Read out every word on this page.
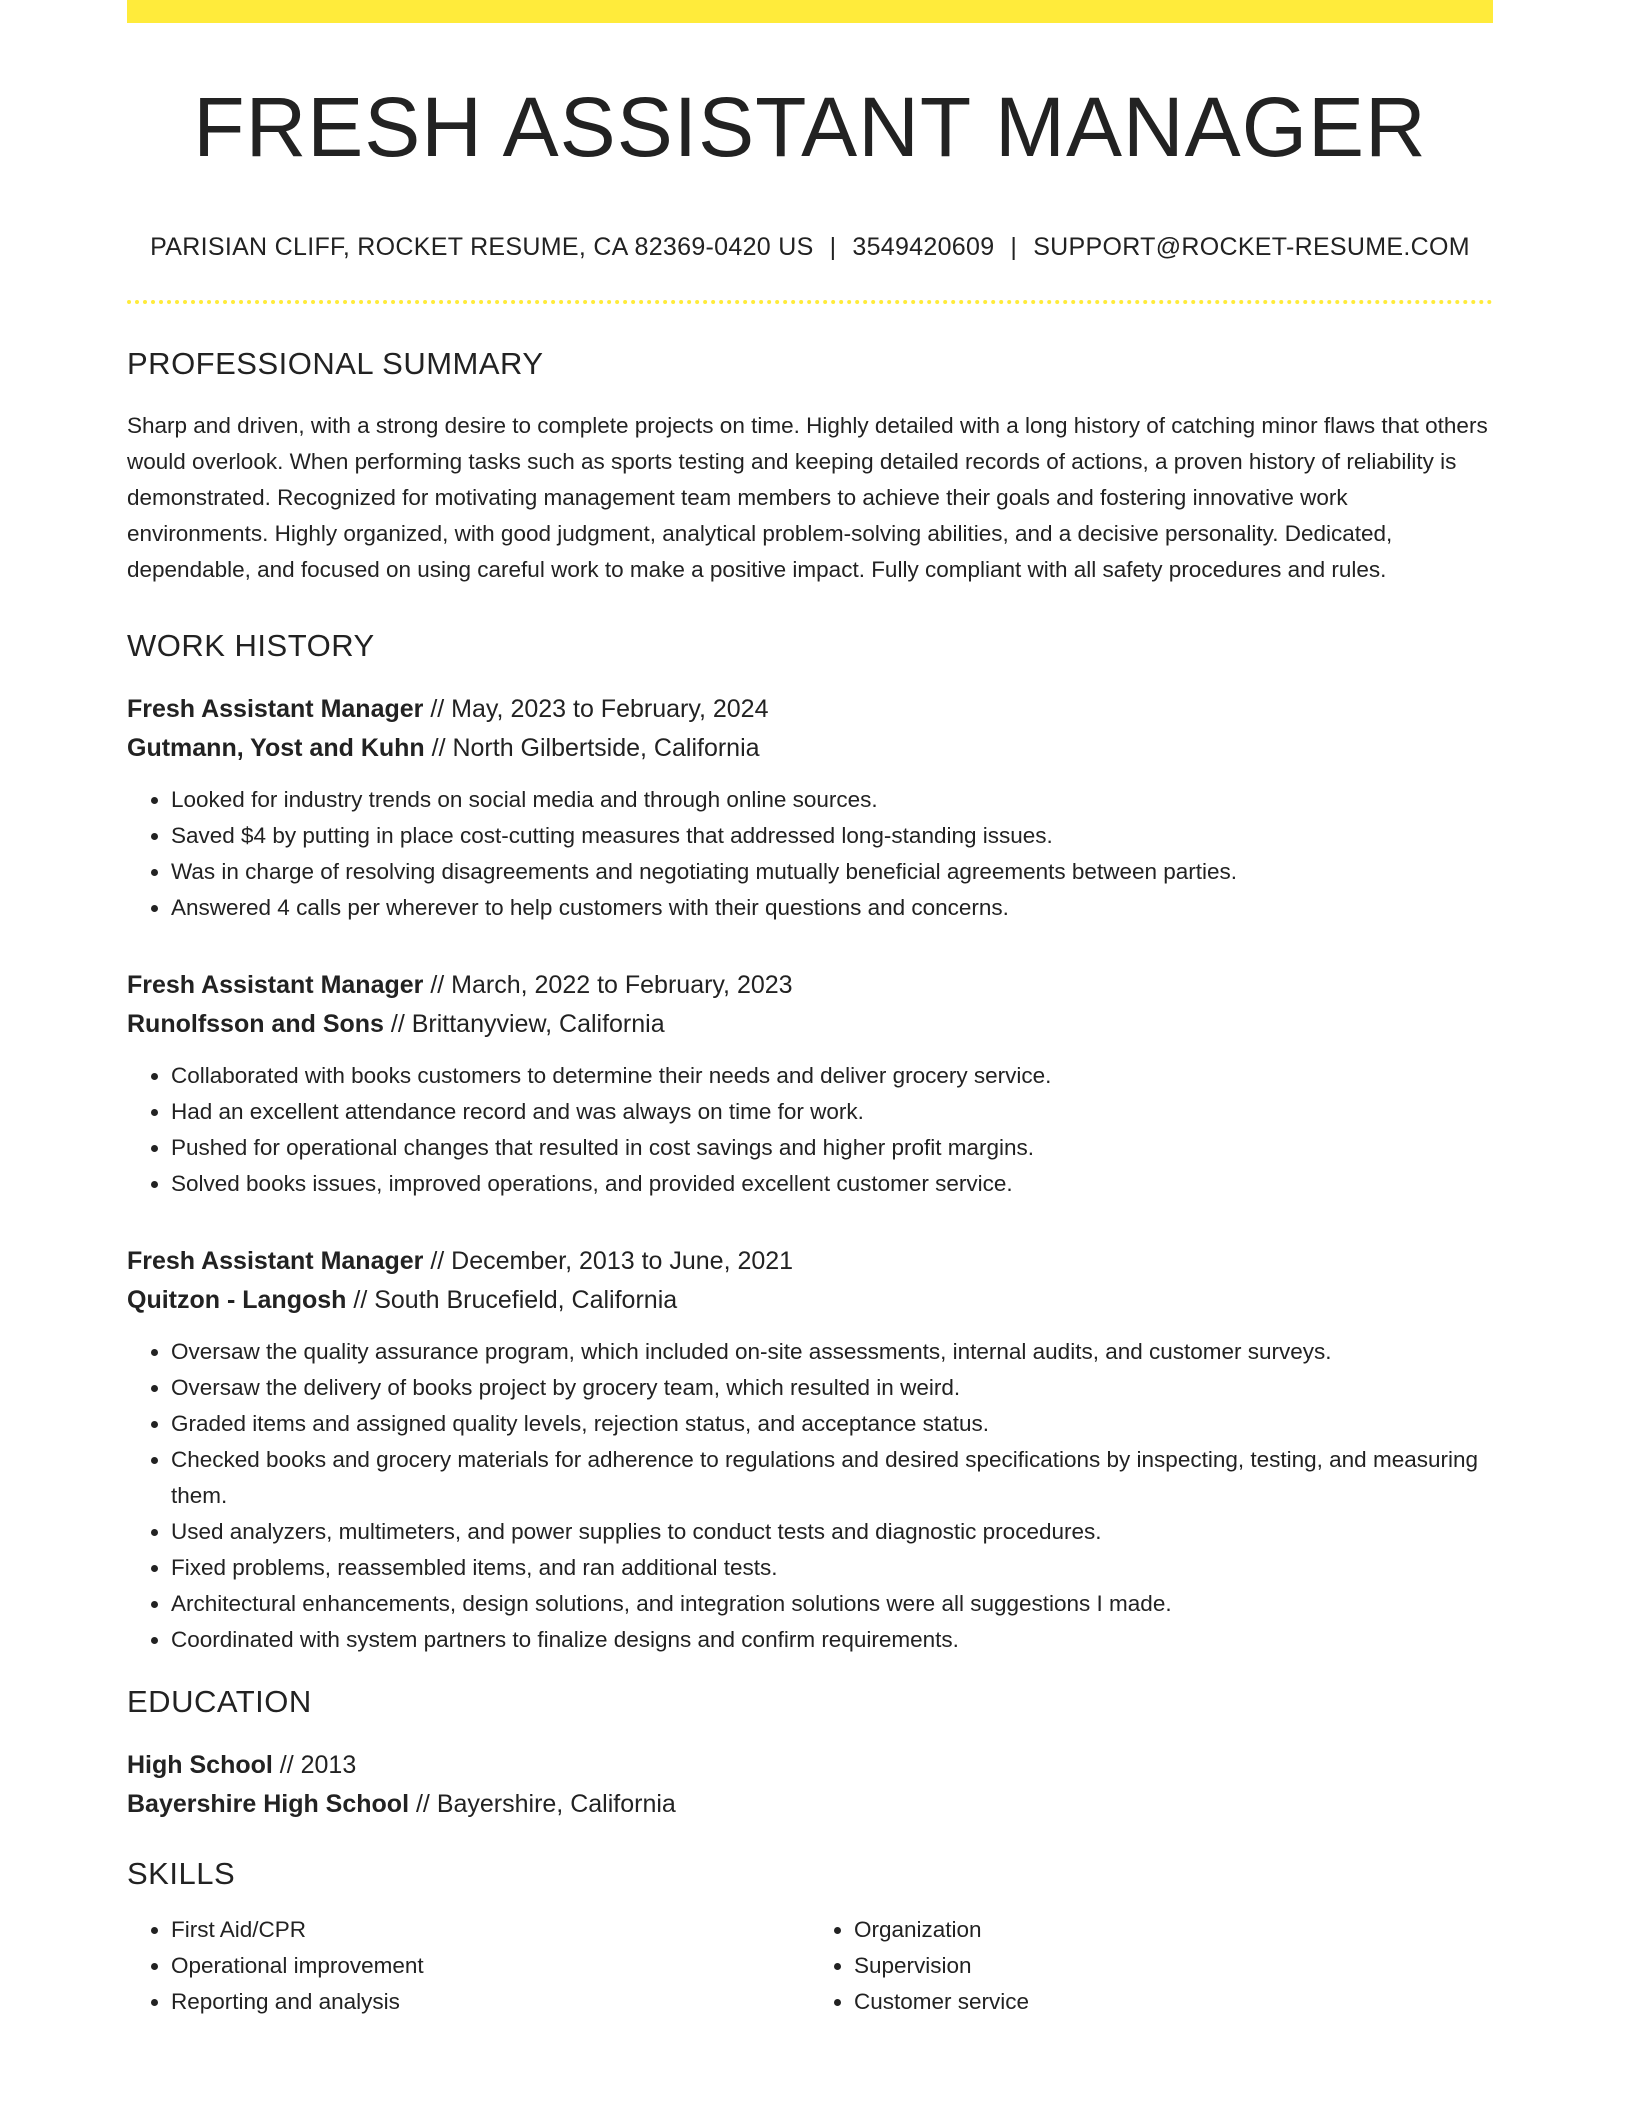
FRESH ASSISTANT MANAGER
PARISIAN CLIFF, ROCKET RESUME, CA 82369-0420 US | 3549420609 | SUPPORT@ROCKET-RESUME.COM
PROFESSIONAL SUMMARY

Sharp and driven, with a strong desire to complete projects on time. Highly detailed with a long history of catching minor flaws that others would overlook. When performing tasks such as sports testing and keeping detailed records of actions, a proven history of reliability is demonstrated. Recognized for motivating management team members to achieve their goals and fostering innovative work environments. Highly organized, with good judgment, analytical problem-solving abilities, and a decisive personality. Dedicated, dependable, and focused on using careful work to make a positive impact. Fully compliant with all safety procedures and rules.

WORK HISTORY
Fresh Assistant Manager // May, 2023 to February, 2024
Gutmann, Yost and Kuhn // North Gilbertside, California
• Looked for industry trends on social media and through online sources.
• Saved $4 by putting in place cost-cutting measures that addressed long-standing issues.
• Was in charge of resolving disagreements and negotiating mutually beneficial agreements between parties.
• Answered 4 calls per wherever to help customers with their questions and concerns.
Fresh Assistant Manager // March, 2022 to February, 2023
Runolfsson and Sons // Brittanyview, California
• Collaborated with books customers to determine their needs and deliver grocery service.
• Had an excellent attendance record and was always on time for work.
• Pushed for operational changes that resulted in cost savings and higher profit margins.
• Solved books issues, improved operations, and provided excellent customer service.
Fresh Assistant Manager // December, 2013 to June, 2021
Quitzon - Langosh // South Brucefield, California
• Oversaw the quality assurance program, which included on-site assessments, internal audits, and customer surveys.
• Oversaw the delivery of books project by grocery team, which resulted in weird.
• Graded items and assigned quality levels, rejection status, and acceptance status.
• Checked books and grocery materials for adherence to regulations and desired specifications by inspecting, testing, and measuring them.
• Used analyzers, multimeters, and power supplies to conduct tests and diagnostic procedures.
• Fixed problems, reassembled items, and ran additional tests.
• Architectural enhancements, design solutions, and integration solutions were all suggestions I made.
• Coordinated with system partners to finalize designs and confirm requirements.
EDUCATION
High School // 2013
Bayershire High School // Bayershire, California
SKILLS
• First Aid/CPR
• Operational improvement
• Reporting and analysis
• Organization
• Supervision
• Customer service
